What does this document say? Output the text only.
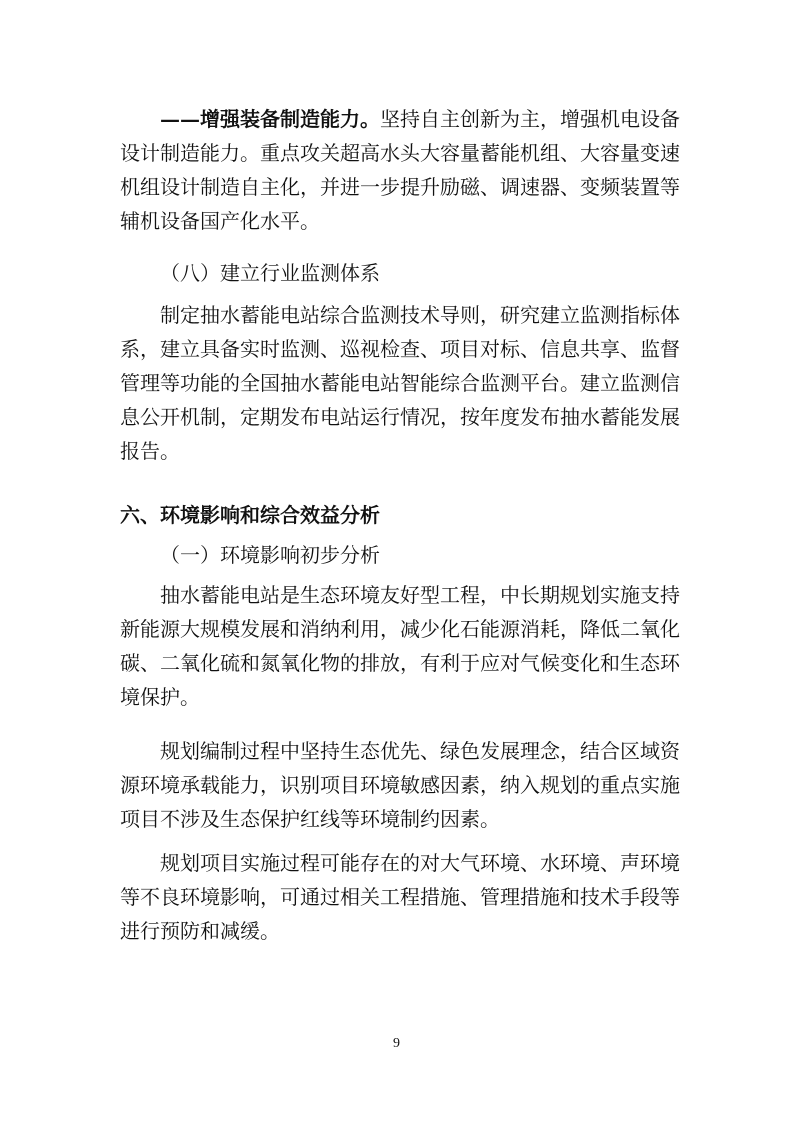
——增强装备制造能力。坚持自主创新为主，增强机电设备设计制造能力。重点攻关超高水头大容量蓄能机组、大容量变速机组设计制造自主化，并进一步提升励磁、调速器、变频装置等辅机设备国产化水平。

（八）建立行业监测体系

制定抽水蓄能电站综合监测技术导则，研究建立监测指标体系，建立具备实时监测、巡视检查、项目对标、信息共享、监督管理等功能的全国抽水蓄能电站智能综合监测平台。建立监测信息公开机制，定期发布电站运行情况，按年度发布抽水蓄能发展报告。

六、环境影响和综合效益分析

（一）环境影响初步分析

抽水蓄能电站是生态环境友好型工程，中长期规划实施支持新能源大规模发展和消纳利用，减少化石能源消耗，降低二氧化碳、二氧化硫和氮氧化物的排放，有利于应对气候变化和生态环境保护。

规划编制过程中坚持生态优先、绿色发展理念，结合区域资源环境承载能力，识别项目环境敏感因素，纳入规划的重点实施项目不涉及生态保护红线等环境制约因素。

规划项目实施过程可能存在的对大气环境、水环境、声环境等不良环境影响，可通过相关工程措施、管理措施和技术手段等进行预防和减缓。

9
